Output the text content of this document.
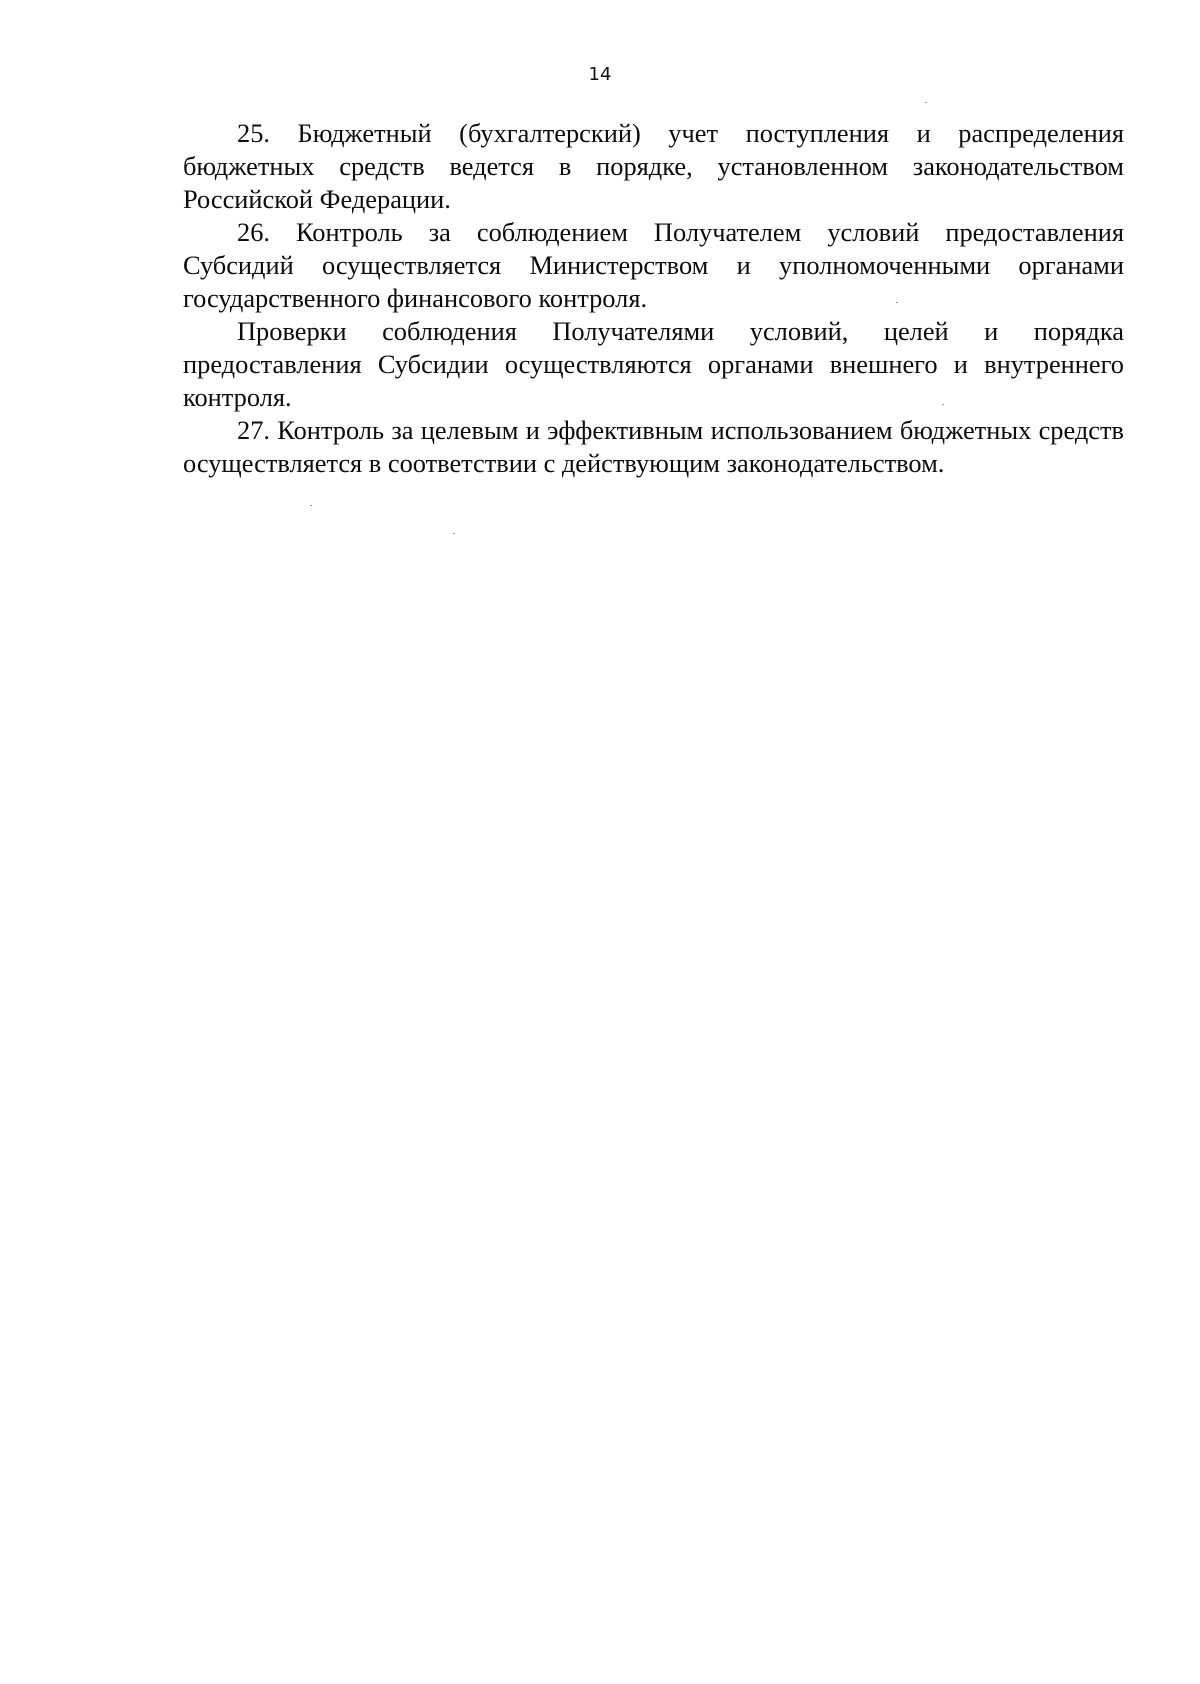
14

25. Бюджетный (бухгалтерский) учет поступления и распределения бюджетных средств ведется в порядке, установленном законодательством Российской Федерации.

26. Контроль за соблюдением Получателем условий предоставления Субсидий осуществляется Министерством и уполномоченными органами государственного финансового контроля.

Проверки соблюдения Получателями условий, целей и порядка предоставления Субсидии осуществляются органами внешнего и внутреннего контроля.

27. Контроль за целевым и эффективным использованием бюджетных средств осуществляется в соответствии с действующим законодательством.
